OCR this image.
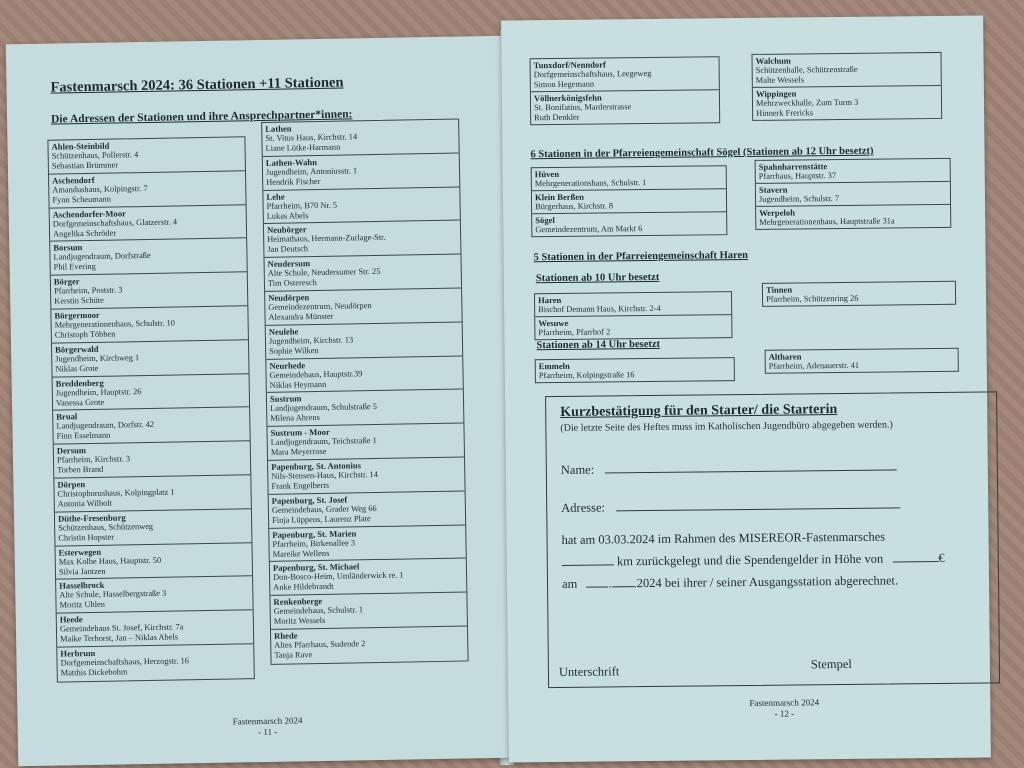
Fastenmarsch 2024: 36 Stationen +11 Stationen
Die Adressen der Stationen und ihre Ansprechpartner*innen:
Ahlen-Steinbild
Schützenhaus, Pollerstr. 4
Sebastian Brümmer
Aschendorf
Amandushaus, Kolpingstr. 7
Fynn Scheumann
Aschendorfer-Moor
Dorfgemeinschaftshaus, Glatzerstr. 4
Angelika Schröder
Borsum
Landjugendraum, Dorfstraße
Phil Evering
Börger
Pfarrheim, Poststr. 3
Kerstin Schüte
Börgermoor
Mehrgenerationenhaus, Schulstr. 10
Christoph Többen
Börgerwald
Jugendheim, Kirchweg 1
Niklas Grote
Breddenberg
Jugendheim, Hauptstr. 26
Vanessa Grote
Brual
Landjugendraum, Dorfstr. 42
Finn Esselmann
Dersum
Pfarrheim, Kirchstr. 3
Torben Brand
Dörpen
Christophorushaus, Kolpingplatz 1
Antonia Wilholt
Düthe-Fresenburg
Schützenhaus, Schützenweg
Christin Hopster
Esterwegen
Max Kolbe Haus, Hauptstr. 50
Silvia Jantzen
Hasselbrock
Alte Schule, Hasselbergstraße 3
Moritz Uhlen
Heede
Gemeindehaus St. Josef, Kirchstr. 7a
Maike Terhorst, Jan – Niklas Abels
Herbrum
Dorfgemeinschaftshaus, Herzogstr. 16
Matthis Dickebohm
Lathen
St. Vitus Haus, Kirchstr. 14
Liane Lütke-Harmann
Lathen-Wahn
Jugendheim, Antoniusstr. 1
Hendrik Fischer
Lehe
Pfarrheim, B70 Nr. 5
Lukas Abels
Neubörger
Heimathaus, Hermann-Zurlage-Str.
Jan Deutsch
Neudersum
Alte Schule, Neudersumer Str. 25
Tim Osteresch
Neudörpen
Gemeindezentrum, Neudörpen
Alexandra Münster
Neulehe
Jugendheim, Kirchstr. 13
Sophie Wilken
Neurhede
Gemeindehaus, Hauptstr.39
Niklas Heymann
Sustrum
Landjugendraum, Schulstraße 5
Milena Ahrens
Sustrum - Moor
Landjugendraum, Teichstraße 1
Mara Meyerrose
Papenburg, St. Antonius
Nils-Stensen-Haus, Kirchstr. 14
Frank Engelberts
Papenburg, St. Josef
Gemeindehaus, Grader Weg 66
Finja Lüppens, Laurenz Plate
Papenburg, St. Marien
Pfarrheim, Birkenallee 3
Mareike Wellens
Papenburg, St. Michael
Don-Bosco-Heim, Umländerwick re. 1
Anke Hildebrandt
Renkenberge
Gemeindehaus, Schulstr. 1
Moritz Wessels
Rhede
Altes Pfarrhaus, Sudende 2
Tanja Rave
Fastenmarsch 2024
- 11 -
Tunxdorf/Nenndorf
Dorfgemeinschaftshaus, Leegeweg
Simon Hegemann
Völlnerkönigsfehn
St. Bonifatius, Marderstrasse
Ruth Denkler
Walchum
Schützenhalle, Schützenstraße
Malte Wessels
Wippingen
Mehrzweckhalle, Zum Turm 3
Hinnerk Frericks
6 Stationen in der Pfarreiengemeinschaft Sögel (Stationen ab 12 Uhr besetzt)
Hüven
Mehrgenerationshaus, Schulstr. 1
Klein Berßen
Bürgerhaus, Kirchstr. 8
Sögel
Gemeindezentrum, Am Markt 6
Spahnharrenstätte
Pfarrhaus, Hauptstr. 37
Stavern
Jugendheim, Schulstr. 7
Werpeloh
Mehrgenerationenhaus, Hauptstraße 31a
5 Stationen in der Pfarreiengemeinschaft Haren
Stationen ab 10 Uhr besetzt
Haren
Bischof Demann Haus, Kirchstr. 2-4
Wesuwe
Pfarrheim, Pfarrhof 2
Tinnen
Pfarrheim, Schützenring 26
Stationen ab 14 Uhr besetzt
Emmeln
Pfarrheim, Kolpingstraße 16
Altharen
Pfarrheim, Adenauerstr. 41
Kurzbestätigung für den Starter/ die Starterin
(Die letzte Seite des Heftes muss im Katholischen Jugendbüro abgegeben werden.)
Name:
Adresse:
hat am 03.03.2024 im Rahmen des MISEREOR-Fastenmarsches
km zurückgelegt und die Spendengelder in Höhe von	€
am . .2024 bei ihrer / seiner Ausgangsstation abgerechnet.
Stempel
Unterschrift
Fastenmarsch 2024
- 12 -
